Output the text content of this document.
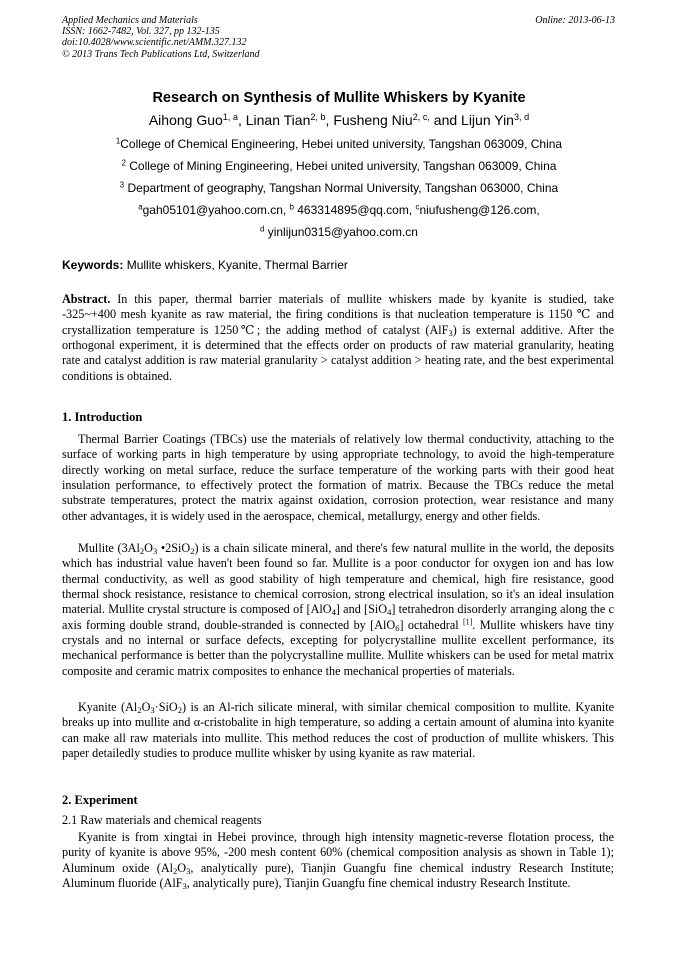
Applied Mechanics and Materials
ISSN: 1662-7482, Vol. 327, pp 132-135
doi:10.4028/www.scientific.net/AMM.327.132
© 2013 Trans Tech Publications Ltd, Switzerland
Online: 2013-06-13
Research on Synthesis of Mullite Whiskers by Kyanite
Aihong Guo$^{1, a}$, Linan Tian$^{2, b}$, Fusheng Niu$^{2, c,}$ and Lijun Yin$^{3, d}$
$^1$College of Chemical Engineering, Hebei united university, Tangshan 063009, China
$^2$ College of Mining Engineering, Hebei united university, Tangshan 063009, China
$^3$ Department of geography, Tangshan Normal University, Tangshan 063000, China
$^a$gah05101@yahoo.com.cn, $^b$ 463314895@qq.com, $^c$niufusheng@126.com,
$^d$ yinlijun0315@yahoo.com.cn
Keywords: Mullite whiskers, Kyanite, Thermal Barrier
Abstract. In this paper, thermal barrier materials of mullite whiskers made by kyanite is studied, take -325~+400 mesh kyanite as raw material, the firing conditions is that nucleation temperature is 1150 ℃ and crystallization temperature is 1250℃; the adding method of catalyst (AlF$_3$) is external additive. After the orthogonal experiment, it is determined that the effects order on products of raw material granularity, heating rate and catalyst addition is raw material granularity > catalyst addition > heating rate, and the best experimental conditions is obtained.
1. Introduction
Thermal Barrier Coatings (TBCs) use the materials of relatively low thermal conductivity, attaching to the surface of working parts in high temperature by using appropriate technology, to avoid the high-temperature directly working on metal surface, reduce the surface temperature of the working parts with their good heat insulation performance, to effectively protect the formation of matrix. Because the TBCs reduce the metal substrate temperatures, protect the matrix against oxidation, corrosion protection, wear resistance and many other advantages, it is widely used in the aerospace, chemical, metallurgy, energy and other fields.
Mullite ($3Al_2O_3$ •2SiO$_2$) is a chain silicate mineral, and there's few natural mullite in the world, the deposits which has industrial value haven't been found so far. Mullite is a poor conductor for oxygen ion and has low thermal conductivity, as well as good stability of high temperature and chemical, high fire resistance, good thermal shock resistance, resistance to chemical corrosion, strong electrical insulation, so it's an ideal insulation material. Mullite crystal structure is composed of [AlO$_4$] and [SiO$_4$] tetrahedron disorderly arranging along the c axis forming double strand, double-stranded is connected by [AlO$_6$] octahedral [1]. Mullite whiskers have tiny crystals and no internal or surface defects, excepting for polycrystalline mullite excellent performance, its mechanical performance is better than the polycrystalline mullite. Mullite whiskers can be used for metal matrix composite and ceramic matrix composites to enhance the mechanical properties of materials.
Kyanite $(Al_2O_3\cdot SiO_2)$ is an Al-rich silicate mineral, with similar chemical composition to mullite. Kyanite breaks up into mullite and α-cristobalite in high temperature, so adding a certain amount of alumina into kyanite can make all raw materials into mullite. This method reduces the cost of production of mullite whiskers. This paper detailedly studies to produce mullite whisker by using kyanite as raw material.
2. Experiment
2.1 Raw materials and chemical reagents
Kyanite is from xingtai in Hebei province, through high intensity magnetic-reverse flotation process, the purity of kyanite is above 95%, -200 mesh content 60% (chemical composition analysis as shown in Table 1); Aluminum oxide ($Al_2O_3$, analytically pure), Tianjin Guangfu fine chemical industry Research Institute; Aluminum fluoride (AlF$_3$, analytically pure), Tianjin Guangfu fine chemical industry Research Institute.
